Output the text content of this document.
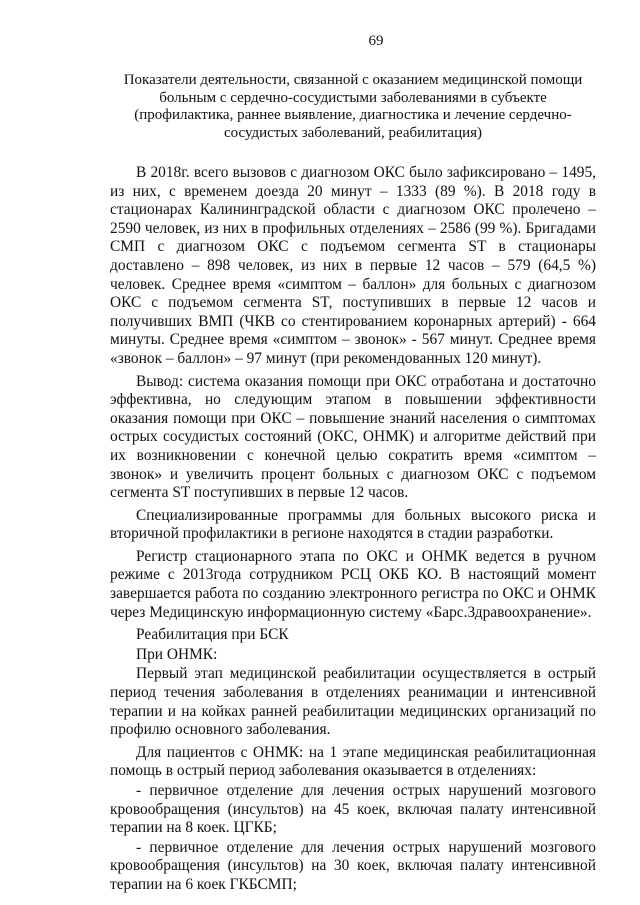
69
Показатели деятельности, связанной с оказанием медицинской помощи
больным с сердечно-сосудистыми заболеваниями в субъекте
(профилактика, раннее выявление, диагностика и лечение сердечно-
сосудистых заболеваний, реабилитация)

В 2018г. всего вызовов с диагнозом ОКС было зафиксировано – 1495, из них, с временем доезда 20 минут – 1333 (89 %). В 2018 году в стационарах Калининградской области с диагнозом ОКС пролечено – 2590 человек, из них в профильных отделениях – 2586 (99 %). Бригадами СМП с диагнозом ОКС с подъемом сегмента ST в стационары доставлено – 898 человек, из них в первые 12 часов – 579 (64,5 %) человек. Среднее время «симптом – баллон» для больных с диагнозом ОКС с подъемом сегмента ST, поступивших в первые 12 часов и получивших ВМП (ЧКВ со стентированием коронарных артерий) - 664 минуты. Среднее время «симптом – звонок» - 567 минут. Среднее время «звонок – баллон» – 97 минут (при рекомендованных 120 минут).

Вывод: система оказания помощи при ОКС отработана и достаточно эффективна, но следующим этапом в повышении эффективности оказания помощи при ОКС – повышение знаний населения о симптомах острых сосудистых состояний (ОКС, ОНМК) и алгоритме действий при их возникновении с конечной целью сократить время «симптом – звонок» и увеличить процент больных с диагнозом ОКС с подъемом сегмента ST поступивших в первые 12 часов.

Специализированные программы для больных высокого риска и вторичной профилактики в регионе находятся в стадии разработки.

Регистр стационарного этапа по ОКС и ОНМК ведется в ручном режиме с 2013года сотрудником РСЦ ОКБ КО. В настоящий момент завершается работа по созданию электронного регистра по ОКС и ОНМК через Медицинскую информационную систему «Барс.Здравоохранение».

Реабилитация при БСК

При ОНМК:

Первый этап медицинской реабилитации осуществляется в острый период течения заболевания в отделениях реанимации и интенсивной терапии и на койках ранней реабилитации медицинских организаций по профилю основного заболевания.

Для пациентов с ОНМК: на 1 этапе медицинская реабилитационная помощь в острый период заболевания оказывается в отделениях:

- первичное отделение для лечения острых нарушений мозгового кровообращения (инсультов) на 45 коек, включая палату интенсивной терапии на 8 коек. ЦГКБ;

- первичное отделение для лечения острых нарушений мозгового кровообращения (инсультов) на 30 коек, включая палату интенсивной терапии на 6 коек ГКБСМП;
